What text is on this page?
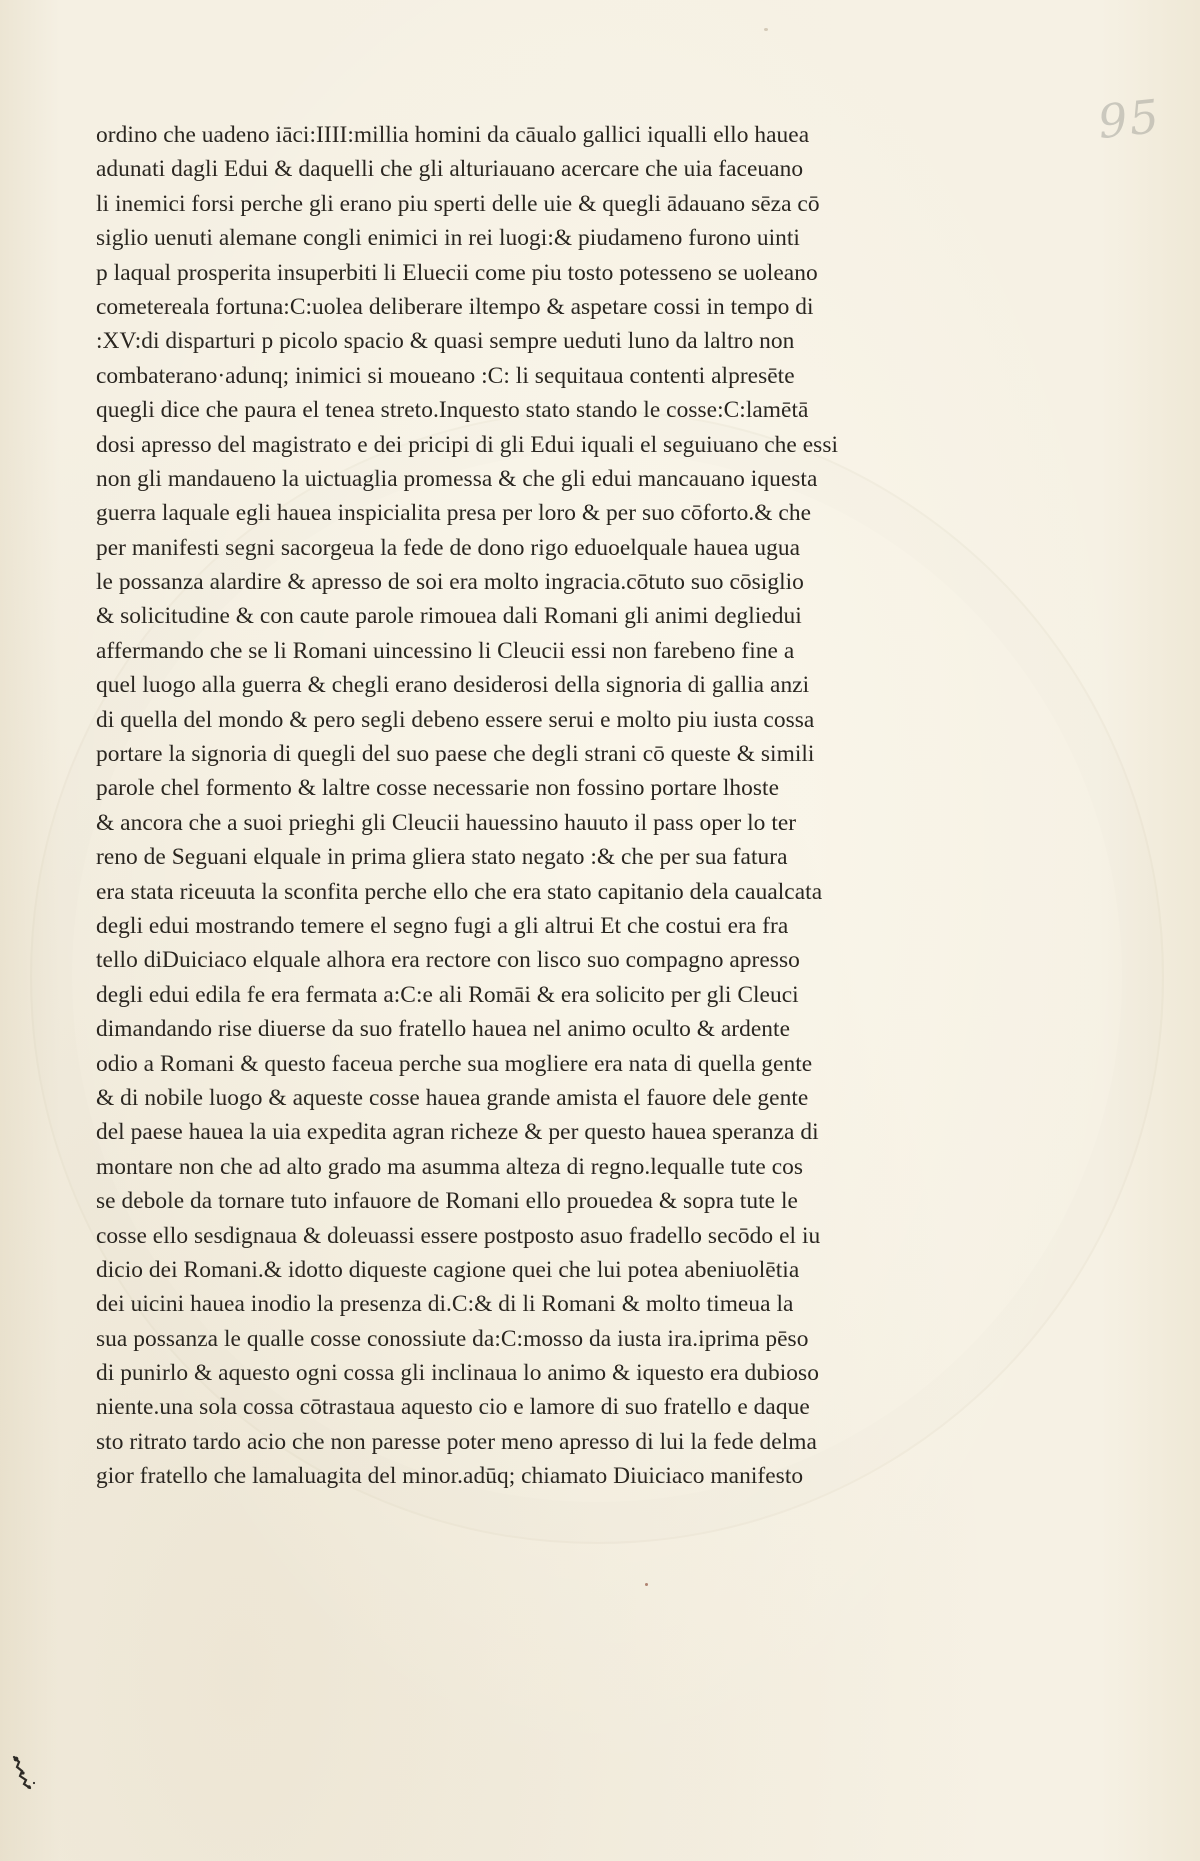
95
ordino che uadeno iāci:IIII:millia homini da cāualo gallici iqualli ello hauea
adunati dagli Edui & daquelli che gli alturiauano acercare che uia faceuano
li inemici forsi perche gli erano piu sperti delle uie & quegli ādauano sēza cō
siglio uenuti alemane congli enimici in rei luogi:& piudameno furono uinti
p laqual prosperita insuperbiti li Eluecii come piu tosto potesseno se uoleano
cometereala fortuna:C:uolea deliberare iltempo & aspetare cossi in tempo di
:XV:di disparturi p picolo spacio & quasi sempre ueduti luno da laltro non
combaterano·adunq; inimici si moueano :C: li sequitaua contenti alpresēte
quegli dice che paura el tenea streto.Inquesto stato stando le cosse:C:lamētā
dosi apresso del magistrato e dei pricipi di gli Edui iquali el seguiuano che essi
non gli mandaueno la uictuaglia promessa & che gli edui mancauano iquesta
guerra laquale egli hauea inspicialita presa per loro & per suo cōforto.& che
per manifesti segni sacorgeua la fede de dono rigo eduoelquale hauea ugua
le possanza alardire & apresso de soi era molto ingracia.cōtuto suo cōsiglio
& solicitudine & con caute parole rimouea dali Romani gli animi degliedui
affermando che se li Romani uincessino li Cleucii essi non farebeno fine a
quel luogo alla guerra & chegli erano desiderosi della signoria di gallia anzi
di quella del mondo & pero segli debeno essere serui e molto piu iusta cossa
portare la signoria di quegli del suo paese che degli strani cō queste & simili
parole chel formento & laltre cosse necessarie non fossino portare lhoste
& ancora che a suoi prieghi gli Cleucii hauessino hauuto il pass oper lo ter
reno de Seguani elquale in prima gliera stato negato :& che per sua fatura
era stata riceuuta la sconfita perche ello che era stato capitanio dela caualcata
degli edui mostrando temere el segno fugi a gli altrui Et che costui era fra
tello diDuiciaco elquale alhora era rectore con lisco suo compagno apresso
degli edui edila fe era fermata a:C:e ali Romāi & era solicito per gli Cleuci
dimandando rise diuerse da suo fratello hauea nel animo oculto & ardente
odio a Romani & questo faceua perche sua mogliere era nata di quella gente
& di nobile luogo & aqueste cosse hauea grande amista el fauore dele gente
del paese hauea la uia expedita agran richeze & per questo hauea speranza di
montare non che ad alto grado ma asumma alteza di regno.lequalle tute cos
se debole da tornare tuto infauore de Romani ello prouedea & sopra tute le
cosse ello sesdignaua & doleuassi essere postposto asuo fradello secōdo el iu
dicio dei Romani.& idotto diqueste cagione quei che lui potea abeniuolētia
dei uicini hauea inodio la presenza di.C:& di li Romani & molto timeua la
sua possanza le qualle cosse conossiute da:C:mosso da iusta ira.iprima pēso
di punirlo & aquesto ogni cossa gli inclinaua lo animo & iquesto era dubioso
niente.una sola cossa cōtrastaua aquesto cio e lamore di suo fratello e daque
sto ritrato tardo acio che non paresse poter meno apresso di lui la fede delma
gior fratello che lamaluagita del minor.adūq; chiamato Diuiciaco manifesto
